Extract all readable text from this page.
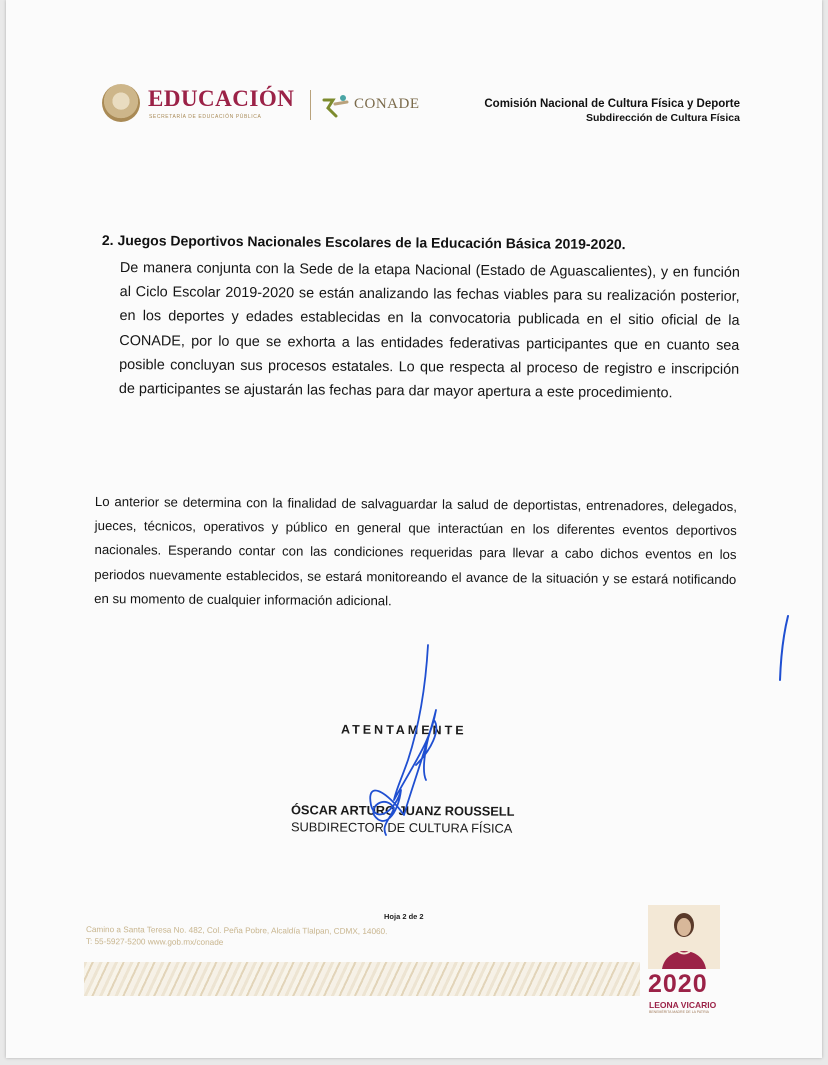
EDUCACIÓN
SECRETARÍA DE EDUCACIÓN PÚBLICA
CONADE	Comisión Nacional de Cultura Física y Deporte
Subdirección de Cultura Física
2. Juegos Deportivos Nacionales Escolares de la Educación Básica 2019-2020.
De manera conjunta con la Sede de la etapa Nacional (Estado de Aguascalientes), y en función al Ciclo Escolar 2019-2020 se están analizando las fechas viables para su realización posterior, en los deportes y edades establecidas en la convocatoria publicada en el sitio oficial de la CONADE, por lo que se exhorta a las entidades federativas participantes que en cuanto sea posible concluyan sus procesos estatales. Lo que respecta al proceso de registro e inscripción de participantes se ajustarán las fechas para dar mayor apertura a este procedimiento.
Lo anterior se determina con la finalidad de salvaguardar la salud de deportistas, entrenadores, delegados, jueces, técnicos, operativos y público en general que interactúan en los diferentes eventos deportivos nacionales. Esperando contar con las condiciones requeridas para llevar a cabo dichos eventos en los periodos nuevamente establecidos, se estará monitoreando el avance de la situación y se estará notificando en su momento de cualquier información adicional.
ATENTAMENTE
ÓSCAR ARTURO JUANZ ROUSSELL
SUBDIRECTOR DE CULTURA FÍSICA
Hoja 2 de 2
Camino a Santa Teresa No. 482, Col. Peña Pobre, Alcaldía Tlalpan, CDMX, 14060.
T: 55-5927-5200 www.gob.mx/conade
2020
LEONA VICARIO
BENEMÉRITA MADRE DE LA PATRIA
